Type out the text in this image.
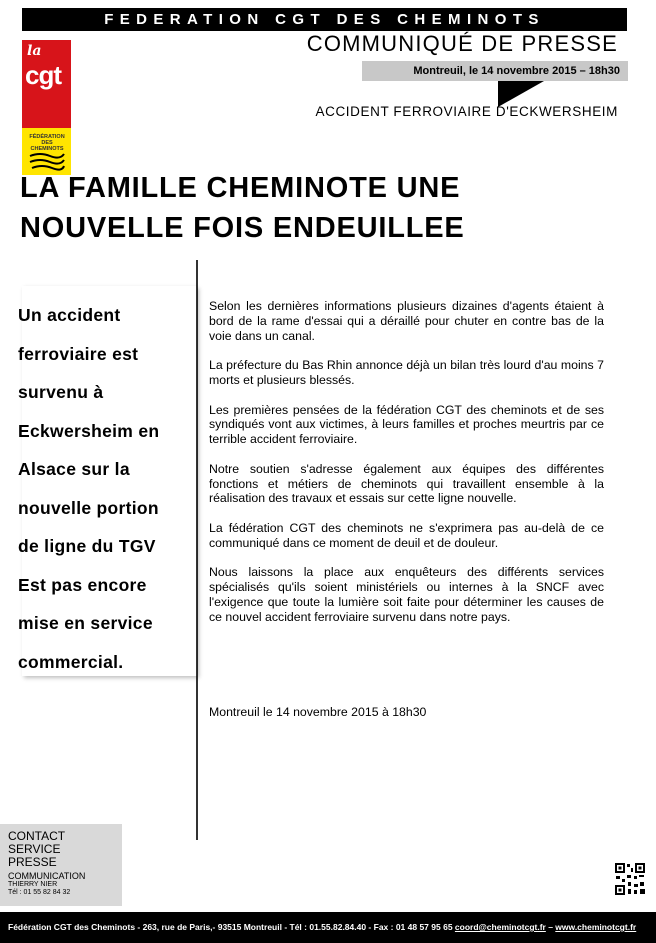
FEDERATION CGT DES CHEMINOTS
COMMUNIQUÉ DE PRESSE
Montreuil, le 14 novembre 2015 – 18h30
ACCIDENT FERROVIAIRE D'ECKWERSHEIM
la
cgt
FÉDÉRATION DES CHEMINOTS
LA FAMILLE CHEMINOTE UNE
NOUVELLE FOIS ENDEUILLEE
Un accident
ferroviaire est
survenu à
Eckwersheim en
Alsace sur la
nouvelle portion
de ligne du TGV
Est pas encore
mise en service
commercial.

Selon les dernières informations plusieurs dizaines d'agents étaient à bord de la rame d'essai qui a déraillé pour chuter en contre bas de la voie dans un canal.

La préfecture du Bas Rhin annonce déjà un bilan très lourd d'au moins 7 morts et plusieurs blessés.

Les premières pensées de la fédération CGT des cheminots et de ses syndiqués vont aux victimes, à leurs familles et proches meurtris par ce terrible accident ferroviaire.

Notre soutien s'adresse également aux équipes des différentes fonctions et métiers de cheminots qui travaillent ensemble à la réalisation des travaux et essais sur cette ligne nouvelle.

La fédération CGT des cheminots ne s'exprimera pas au-delà de ce communiqué dans ce moment de deuil et de douleur.

Nous laissons la place aux enquêteurs des différents services spécialisés qu'ils soient ministériels ou internes à la SNCF avec l'exigence que toute la lumière soit faite pour déterminer les causes de ce nouvel accident ferroviaire survenu dans notre pays.

Montreuil le 14 novembre 2015 à 18h30
CONTACT
SERVICE
PRESSE
COMMUNICATION
THIERRY NIER
Tél : 01 55 82 84 32
Fédération CGT des Cheminots - 263, rue de Paris,- 93515 Montreuil - Tél : 01.55.82.84.40 - Fax : 01 48 57 95 65 coord@cheminotcgt.fr – www.cheminotcgt.fr
